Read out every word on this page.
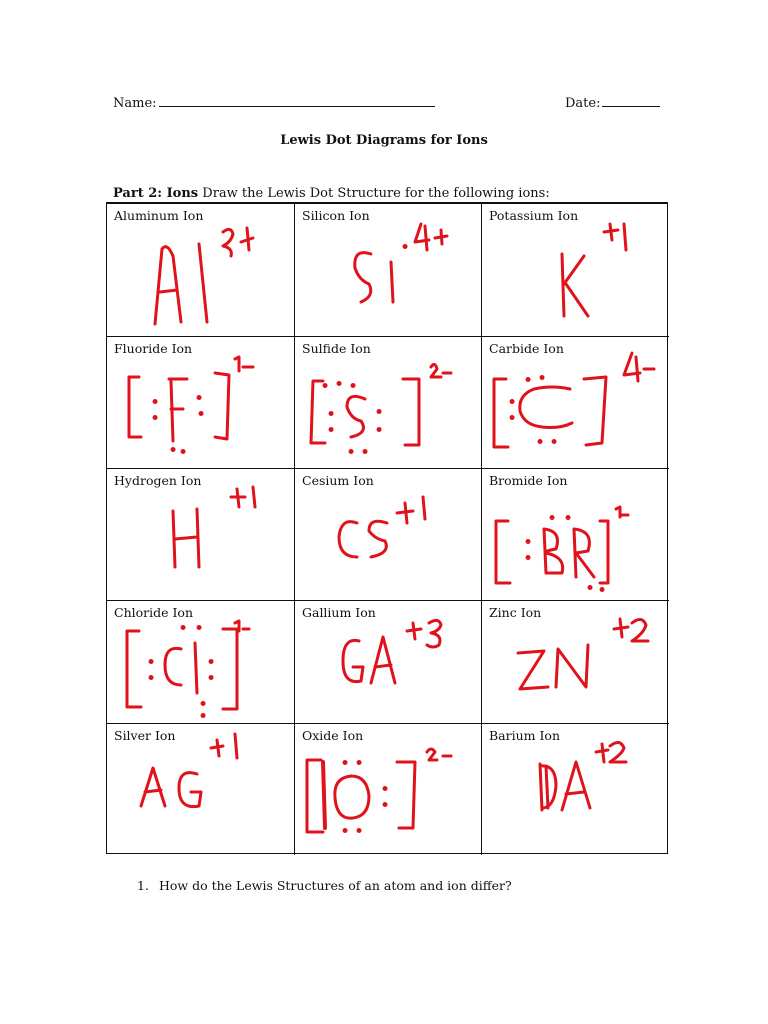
Name:	Date:
Lewis Dot Diagrams for Ions
Part 2: Ions Draw the Lewis Dot Structure for the following ions:
Aluminum Ion	Silicon Ion	Potassium Ion
Fluoride Ion	Sulfide Ion	Carbide Ion
Hydrogen Ion	Cesium Ion	Bromide Ion
Chloride Ion	Gallium Ion	Zinc Ion
Silver Ion	Oxide Ion	Barium Ion
1. How do the Lewis Structures of an atom and ion differ?
